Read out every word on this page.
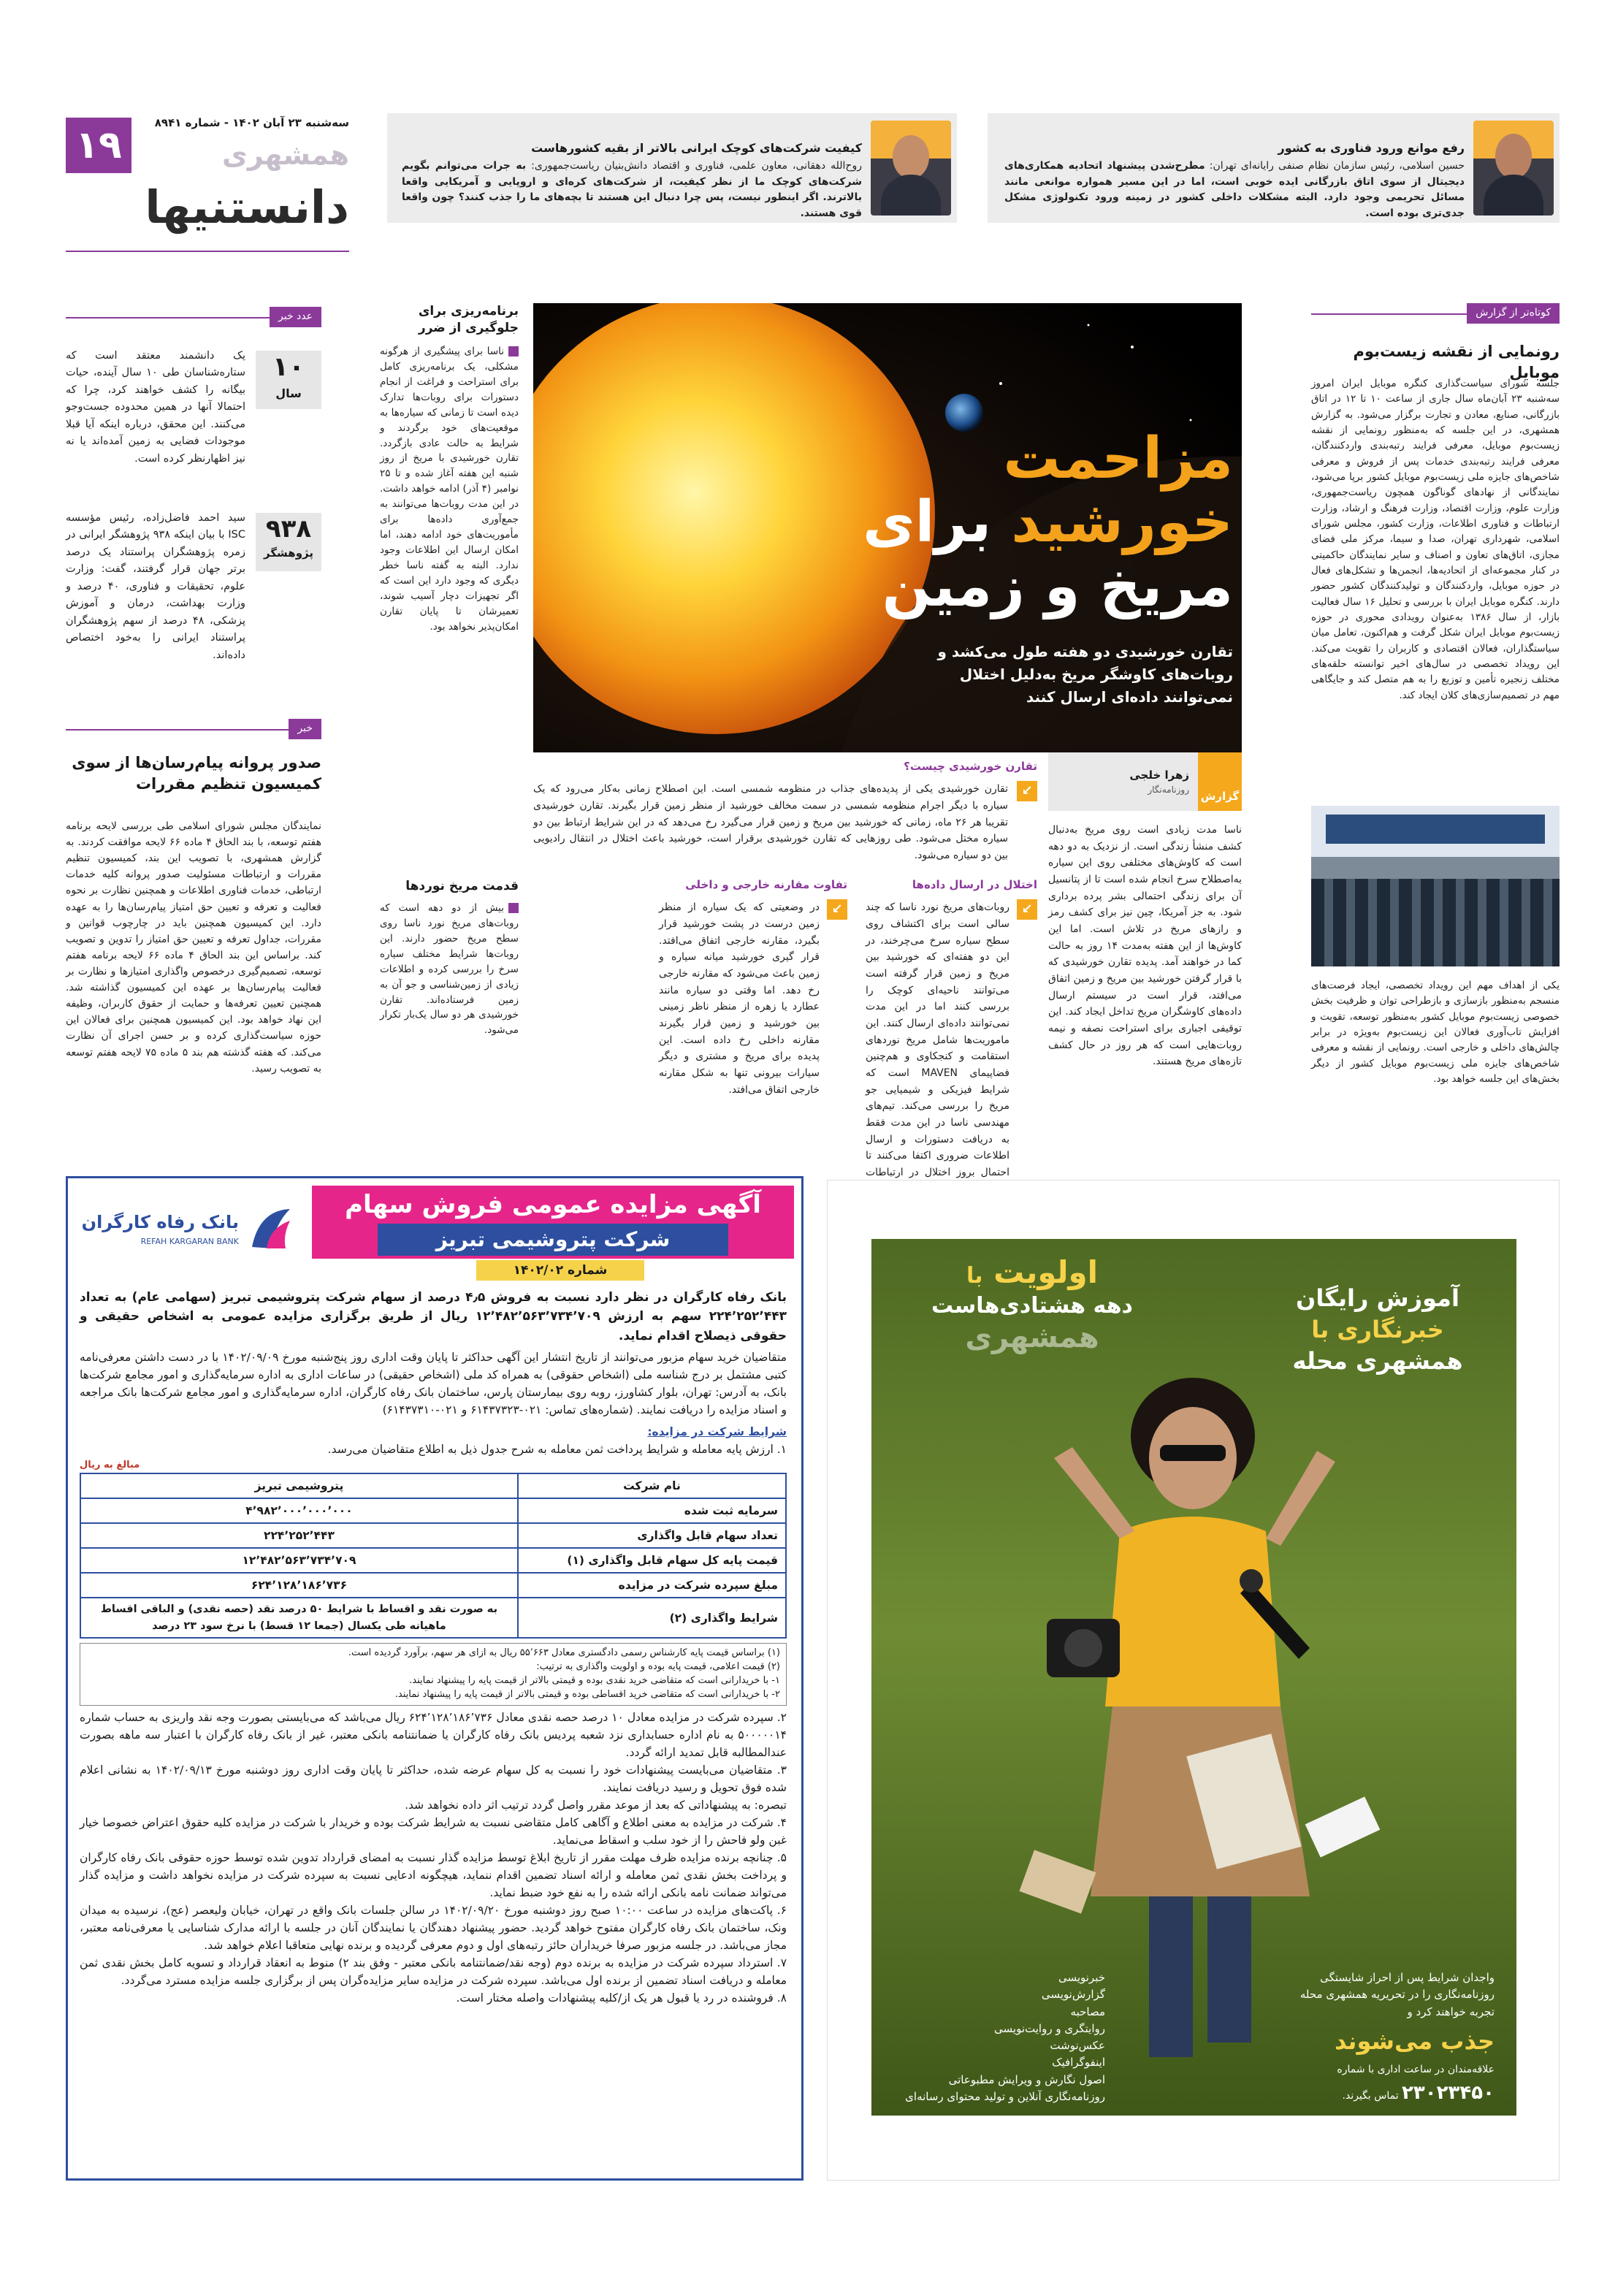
۱۹
سه‌شنبه ۲۳ آبان ۱۴۰۲ - شماره ۸۹۴۱
همشهری
دانستنیها
کیفیت شرکت‌های کوچک ایرانی بالاتر از بقیه کشورهاست
روح‌الله دهقانی، معاون علمی، فناوری و اقتصاد دانش‌بنیان ریاست‌جمهوری: به جرات می‌توانم بگویم شرکت‌های کوچک ما از نظر کیفیت، از شرکت‌های کره‌ای و اروپایی و آمریکایی واقعا بالاترند. اگر اینطور نیست، پس چرا دنبال این هستند تا بچه‌های ما را جذب کنند؟ چون واقعا قوی هستند.
رفع موانع ورود فناوری به کشور
حسین اسلامی، رئیس سازمان نظام صنفی رایانه‌ای تهران: مطرح‌شدن پیشنهاد اتحادیه همکاری‌های دیجیتال از سوی اتاق بازرگانی ایده خوبی است، اما در این مسیر همواره موانعی مانند مسائل تحریمی وجود دارد. البته مشکلات داخلی کشور در زمینه ورود تکنولوژی مشکل جدی‌تری بوده است.
عدد خبر
۱۰
سال
یک دانشمند معتقد است که ستاره‌شناسان طی ۱۰ سال آینده، حیات بیگانه را کشف خواهند کرد، چرا که احتمالا آنها در همین محدوده جست‌وجو می‌کنند. این محقق، درباره اینکه آیا قبلا موجودات فضایی به زمین آمده‌اند یا نه نیز اظهارنظر کرده است.
۹۳۸
پژوهشگر
سید احمد فاضل‌زاده، رئیس مؤسسه ISC با بیان اینکه ۹۳۸ پژوهشگر ایرانی در زمره پژوهشگران پراستناد یک درصد برتر جهان قرار گرفتند، گفت: وزارت علوم، تحقیقات و فناوری، ۴۰ درصد و وزارت بهداشت، درمان و آموزش پزشکی، ۴۸ درصد از سهم پژوهشگران پراستناد ایرانی را به‌خود اختصاص داده‌اند.
خبر
صدور پروانه پیام‌رسان‌ها از سوی کمیسیون تنظیم مقررات
نمایندگان مجلس شورای اسلامی طی بررسی لایحه برنامه هفتم توسعه، با بند الحاق ۴ ماده ۶۶ لایحه موافقت کردند. به گزارش همشهری، با تصویب این بند، کمیسیون تنظیم مقررات و ارتباطات مسئولیت صدور پروانه کلیه خدمات ارتباطی، خدمات فناوری اطلاعات و همچنین نظارت بر نحوه فعالیت و تعرفه و تعیین حق امتیاز پیام‌رسان‌ها را به عهده دارد. این کمیسیون همچنین باید در چارچوب قوانین و مقررات، جداول تعرفه و تعیین حق امتیاز را تدوین و تصویب کند. براساس این بند الحاق ۴ ماده ۶۶ لایحه برنامه هفتم توسعه، تصمیم‌گیری درخصوص واگذاری امتیازها و نظارت بر فعالیت پیام‌رسان‌ها بر عهده این کمیسیون گذاشته شد. همچنین تعیین تعرفه‌ها و حمایت از حقوق کاربران، وظیفه این نهاد خواهد بود. این کمیسیون همچنین برای فعالان این حوزه سیاست‌گذاری کرده و بر حسن اجرای آن نظارت می‌کند. که هفته گذشته هم بند ۵ ماده ۷۵ لایحه هفتم توسعه به تصویب رسید.
برنامه‌ریزی برای جلوگیری از ضرر
ناسا برای پیشگیری از هرگونه مشکلی، یک برنامه‌ریزی کامل برای استراحت و فراغت از انجام دستورات برای روبات‌ها تدارک دیده است تا زمانی که سیاره‌ها به موقعیت‌های خود برگردند و شرایط به حالت عادی بازگردد. تقارن خورشیدی با مریخ از روز شنبه این هفته آغاز شده و تا ۲۵ نوامبر (۴ آذر) ادامه خواهد داشت. در این مدت روبات‌ها می‌توانند به جمع‌آوری داده‌ها برای مأموریت‌های خود ادامه دهند، اما امکان ارسال این اطلاعات وجود ندارد. البته به گفته ناسا خطر دیگری که وجود دارد این است که اگر تجهیزات دچار آسیب شوند، تعمیرشان تا پایان تقارن امکان‌پذیر نخواهد بود.
قدمت مریخ نوردها
بیش از دو دهه است که روبات‌های مریخ نورد ناسا روی سطح مریخ حضور دارند. این روبات‌ها شرایط مختلف سیاره سرخ را بررسی کرده و اطلاعات زیادی از زمین‌شناسی و جو آن به زمین فرستاده‌اند. تقارن خورشیدی هر دو سال یک‌بار تکرار می‌شود.
مزاحمت
خورشید برای
مریخ و زمین
تقارن خورشیدی دو هفته طول می‌کشد و روبات‌های کاوشگر مریخ به‌دلیل اختلال نمی‌توانند داده‌ای ارسال کنند
گزارش
زهرا خلجی
روزنامه‌نگار
ناسا مدت زیادی است روی مریخ به‌دنبال کشف منشأ زندگی است. از نزدیک به دو دهه است که کاوش‌های مختلفی روی این سیاره به‌اصطلاح سرخ انجام شده است تا از پتانسیل آن برای زندگی احتمالی بشر پرده برداری شود. به جز آمریکا، چین نیز برای کشف رمز و رازهای مریخ در تلاش است. اما این کاوش‌ها از این هفته به‌مدت ۱۴ روز به حالت کما در خواهند آمد. پدیده تقارن خورشیدی که با قرار گرفتن خورشید بین مریخ و زمین اتفاق می‌افتد، قرار است در سیستم ارسال داده‌های کاوشگران مریخ تداخل ایجاد کند. این توقیفی اجباری برای استراحت نصفه و نیمه روبات‌هایی است که هر روز در حال کشف تازه‌های مریخ هستند.
تقارن خورشیدی چیست؟
↙
تقارن خورشیدی یکی از پدیده‌های جذاب در منظومه شمسی است. این اصطلاح زمانی به‌کار می‌رود که یک سیاره با دیگر اجرام منظومه شمسی در سمت مخالف خورشید از منظر زمین قرار بگیرند. تقارن خورشیدی تقریبا هر ۲۶ ماه، زمانی که خورشید بین مریخ و زمین قرار می‌گیرد رخ می‌دهد که در این شرایط ارتباط بین دو سیاره مختل می‌شود. طی روزهایی که تقارن خورشیدی برقرار است، خورشید باعث اختلال در انتقال رادیویی بین دو سیاره می‌شود.
اختلال در ارسال داده‌ها
↙
روبات‌های مریخ نورد ناسا که چند سالی است برای اکتشاف روی سطح سیاره سرخ می‌چرخند، در این دو هفته‌ای که خورشید بین مریخ و زمین قرار گرفته است می‌توانند ناحیه‌ای کوچک را بررسی کنند اما در این مدت نمی‌توانند داده‌ای ارسال کنند. این ماموریت‌ها شامل مریخ نورد‌های استقامت و کنجکاوی و هم‌چنین فضاپیمای MAVEN است که شرایط فیزیکی و شیمیایی جو مریخ را بررسی می‌کند. تیم‌های مهندسی ناسا در این مدت فقط به دریافت دستورات و ارسال اطلاعات ضروری اکتفا می‌کنند تا احتمال بروز اختلال در ارتباطات
تفاوت مقارنه خارجی و داخلی
↙
در وضعیتی که یک سیاره از منظر زمین درست در پشت خورشید قرار بگیرد، مقارنه خارجی اتفاق می‌افتد. قرار گیری خورشید میانه سیاره و زمین باعث می‌شود که مقارنه خارجی رخ دهد. اما وقتی دو سیاره مانند عطارد یا زهره از منظر ناظر زمینی بین خورشید و زمین قرار بگیرند مقارنه داخلی رخ داده است. این پدیده برای مریخ و مشتری و دیگر سیارات بیرونی تنها به شکل مقارنه خارجی اتفاق می‌افتد.
کوتاه‌تر از گزارش
رونمایی از نقشه زیست‌بوم موبایل
جلسه شورای سیاست‌گذاری کنگره موبایل ایران امروز سه‌شنبه ۲۳ آبان‌ماه سال جاری از ساعت ۱۰ تا ۱۲ در اتاق بازرگانی، صنایع، معادن و تجارت برگزار می‌شود. به گزارش همشهری، در این جلسه که به‌منظور رونمایی از نقشه زیست‌بوم موبایل، معرفی فرایند رتبه‌بندی واردکنندگان، معرفی فرایند رتبه‌بندی خدمات پس از فروش و معرفی شاخص‌های جایزه ملی زیست‌بوم موبایل کشور برپا می‌شود، نمایندگانی از نهادهای گوناگون همچون ریاست‌جمهوری، وزارت علوم، وزارت اقتصاد، وزارت فرهنگ و ارشاد، وزارت ارتباطات و فناوری اطلاعات، وزارت کشور، مجلس شورای اسلامی، شهرداری تهران، صدا و سیما، مرکز ملی فضای مجازی، اتاق‌های تعاون و اصناف و سایر نمایندگان حاکمیتی در کنار مجموعه‌ای از اتحادیه‌ها، انجمن‌ها و تشکل‌های فعال در حوزه موبایل، واردکنندگان و تولیدکنندگان کشور حضور دارند. کنگره موبایل ایران با بررسی و تحلیل ۱۶ سال فعالیت بازار، از سال ۱۳۸۶ به‌عنوان رویدادی محوری در حوزه زیست‌بوم موبایل ایران شکل گرفت و هم‌اکنون، تعامل میان سیاستگذاران، فعالان اقتصادی و کاربران را تقویت می‌کند. این رویداد تخصصی در سال‌های اخیر توانسته حلقه‌های مختلف زنجیره تأمین و توزیع را به هم متصل کند و جایگاهی مهم در تصمیم‌سازی‌های کلان ایجاد کند.
یکی از اهداف مهم این رویداد تخصصی، ایجاد فرصت‌های منسجم به‌منظور بازسازی و بازطراحی توان و ظرفیت بخش خصوصی زیست‌بوم موبایل کشور به‌منظور توسعه، تقویت و افزایش تاب‌آوری فعالان این زیست‌بوم به‌ویژه در برابر چالش‌های داخلی و خارجی است. رونمایی از نقشه و معرفی شاخص‌های جایزه ملی زیست‌بوم موبایل کشور از دیگر بخش‌های این جلسه خواهد بود.
آگهی مزایده عمومی فروش سهام
شرکت پتروشیمی تبریز
شماره ۱۴۰۲/۰۲
بانک رفاه کارگران
REFAH KARGARAN BANK
بانک رفاه کارگران در نظر دارد نسبت به فروش ۴٫۵ درصد از سهام شرکت پتروشیمی تبریز (سهامی عام) به تعداد ۲۲۴٬۲۵۲٬۴۴۳ سهم به ارزش ۱۲٬۴۸۲٬۵۶۳٬۷۳۴٬۷۰۹ ریال از طریق برگزاری مزایده عمومی به اشخاص حقیقی و حقوقی ذیصلاح اقدام نماید.
متقاضیان خرید سهام مزبور می‌توانند از تاریخ انتشار این آگهی حداکثر تا پایان وقت اداری روز پنج‌شنبه مورخ ۱۴۰۲/۰۹/۰۹ با در دست داشتن معرفی‌نامه کتبی مشتمل بر درج شناسه ملی (اشخاص حقوقی) به همراه کد ملی (اشخاص حقیقی) در ساعات اداری به اداره سرمایه‌گذاری و امور مجامع شرکت‌ها بانک، به آدرس: تهران، بلوار کشاورز، روبه روی بیمارستان پارس، ساختمان بانک رفاه کارگران، اداره سرمایه‌گذاری و امور مجامع شرکت‌ها بانک مراجعه و اسناد مزایده را دریافت نمایند. (شماره‌های تماس: ۰۲۱-۶۱۴۳۷۳۲۳ و ۰۲۱-۶۱۴۳۷۳۱۰)
شرایط شرکت در مزایده:
۱. ارزش پایه معامله و شرایط پرداخت ثمن معامله به شرح جدول ذیل به اطلاع متقاضیان می‌رسد.
مبالغ به ریال
نام شرکت	پتروشیمی تبریز
سرمایه ثبت شده	۴٬۹۸۲٬۰۰۰٬۰۰۰٬۰۰۰
تعداد سهام قابل واگذاری	۲۲۴٬۲۵۲٬۴۴۳
قیمت پایه کل سهام قابل واگذاری (۱)	۱۲٬۴۸۲٬۵۶۳٬۷۳۴٬۷۰۹
مبلغ سپرده شرکت در مزایده	۶۲۴٬۱۲۸٬۱۸۶٬۷۳۶
شرایط واگذاری (۲)	به صورت نقد و اقساط با شرایط ۵۰ درصد نقد (حصه نقدی) و الباقی اقساط ماهیانه طی یکسال (جمعا ۱۲ قسط) با نرخ سود ۲۳ درصد
(۱) براساس قیمت پایه کارشناس رسمی دادگستری معادل ۵۵٬۶۶۳ ریال به ازای هر سهم، برآورد گردیده است.
(۲) قیمت اعلامی، قیمت پایه بوده و اولویت واگذاری به ترتیب:
۱- با خریدارانی است که متقاضی خرید نقدی بوده و قیمتی بالاتر از قیمت پایه را پیشنهاد نمایند.
۲- با خریدارانی است که متقاضی خرید اقساطی بوده و قیمتی بالاتر از قیمت پایه را پیشنهاد نمایند.
۲. سپرده شرکت در مزایده معادل ۱۰ درصد حصه نقدی معادل ۶۲۴٬۱۲۸٬۱۸۶٬۷۳۶ ریال می‌باشد که می‌بایستی بصورت وجه نقد واریزی به حساب شماره ۵۰۰۰۰۰۱۴ به نام اداره حسابداری نزد شعبه پردیس بانک رفاه کارگران یا ضمانتنامه بانکی معتبر، غیر از بانک رفاه کارگران با اعتبار سه ماهه بصورت عندالمطالبه قابل تمدید ارائه گردد.
۳. متقاضیان می‌بایست پیشنهادات خود را نسبت به کل سهام عرضه شده، حداکثر تا پایان وقت اداری روز دوشنبه مورخ ۱۴۰۲/۰۹/۱۳ به نشانی اعلام شده فوق تحویل و رسید دریافت نمایند.
تبصره: به پیشنهاداتی که بعد از موعد مقرر واصل گردد ترتیب اثر داده نخواهد شد.
۴. شرکت در مزایده به معنی اطلاع و آگاهی کامل متقاضی نسبت به شرایط شرکت بوده و خریدار با شرکت در مزایده کلیه حقوق اعتراض خصوصا خیار غبن ولو فاحش را از خود سلب و اسقاط می‌نماید.
۵. چنانچه برنده مزایده ظرف مهلت مقرر از تاریخ ابلاغ توسط مزایده گذار نسبت به امضای قرارداد تدوین شده توسط حوزه حقوقی بانک رفاه کارگران و پرداخت بخش نقدی ثمن معامله و ارائه اسناد تضمین اقدام ننماید، هیچگونه ادعایی نسبت به سپرده شرکت در مزایده نخواهد داشت و مزایده گذار می‌تواند ضمانت نامه بانکی ارائه شده را به نفع خود ضبط نماید.
۶. پاکت‌های مزایده در ساعت ۱۰:۰۰ صبح روز دوشنبه مورخ ۱۴۰۲/۰۹/۲۰ در سالن جلسات بانک واقع در تهران، خیابان ولیعصر (عج)، نرسیده به میدان ونک، ساختمان بانک رفاه کارگران مفتوح خواهد گردید. حضور پیشنهاد دهندگان یا نمایندگان آنان در جلسه با ارائه مدارک شناسایی یا معرفی‌نامه معتبر، مجاز می‌باشد. در جلسه مزبور صرفا خریداران حائز رتبه‌های اول و دوم معرفی گردیده و برنده نهایی متعاقبا اعلام خواهد شد.
۷. استرداد سپرده شرکت در مزایده به برنده دوم (وجه نقد/ضمانتنامه بانکی معتبر - وفق بند ۲) منوط به انعقاد قرارداد و تسویه کامل بخش نقدی ثمن معامله و دریافت اسناد تضمین از برنده اول می‌باشد. سپرده شرکت در مزایده سایر مزایده‌گران پس از برگزاری جلسه مزایده مسترد می‌گردد.
۸. فروشنده در رد یا قبول هر یک از/کلیه پیشنهادات واصله مختار است.
اولویت با
دهه هشتادی‌هاست
همشهری
آموزش رایگان
خبرنگاری با
همشهری محله
خبرنویسی
گزارش‌نویسی
مصاحبه
روایتگری و روایت‌نویسی
عکس‌نوشت
اینفوگرافیک
اصول نگارش و ویرایش مطبوعاتی
روزنامه‌نگاری آنلاین و تولید محتوای رسانه‌ای
واجدان شرایط پس از احراز شایستگی روزنامه‌نگاری را در تحریریه همشهری محله تجربه خواهند کرد و
جذب می‌شوند
علاقه‌مندان در ساعت اداری با شماره ۲۳۰۲۳۴۵۰ تماس بگیرند.
